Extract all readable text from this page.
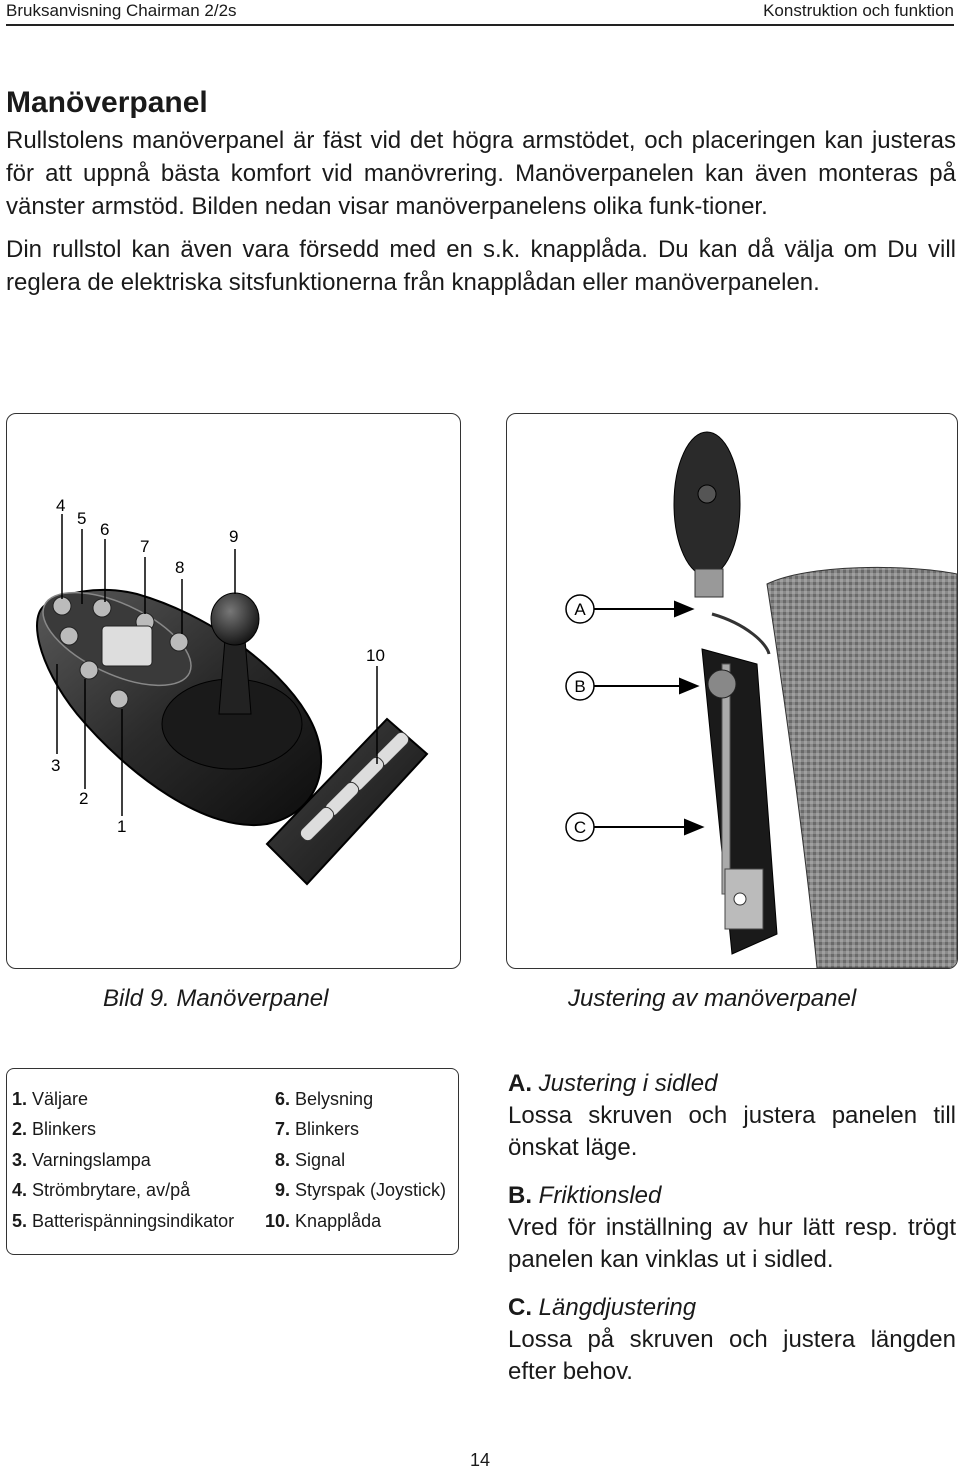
Bruksanvisning Chairman 2/2s	Konstruktion och funktion
Manöverpanel

Rullstolens manöverpanel är fäst vid det högra armstödet, och placeringen kan justeras för att uppnå bästa komfort vid manövrering. Manöverpanelen kan även monteras på vänster armstöd. Bilden nedan visar manöverpanelens olika funk-tioner.

Din rullstol kan även vara försedd med en s.k. knapplåda. Du kan då välja om Du vill reglera de elektriska sitsfunktionerna från knapplådan eller manöverpanelen.

4
5
6
7
8
9
10
3
2
1
A
B
C
Bild 9. Manöverpanel	Justering av manöverpanel
1. Väljare
2. Blinkers
3. Varningslampa
4. Strömbrytare, av/på
5. Batterispänningsindikator
6. Belysning
7. Blinkers
8. Signal
9. Styrspak (Joystick)
10. Knapplåda
A. Justering i sidled
Lossa skruven och justera panelen till önskat läge.
B. Friktionsled
Vred för inställning av hur lätt resp. trögt panelen kan vinklas ut i sidled.
C. Längdjustering
Lossa på skruven och justera längden efter behov.
14
